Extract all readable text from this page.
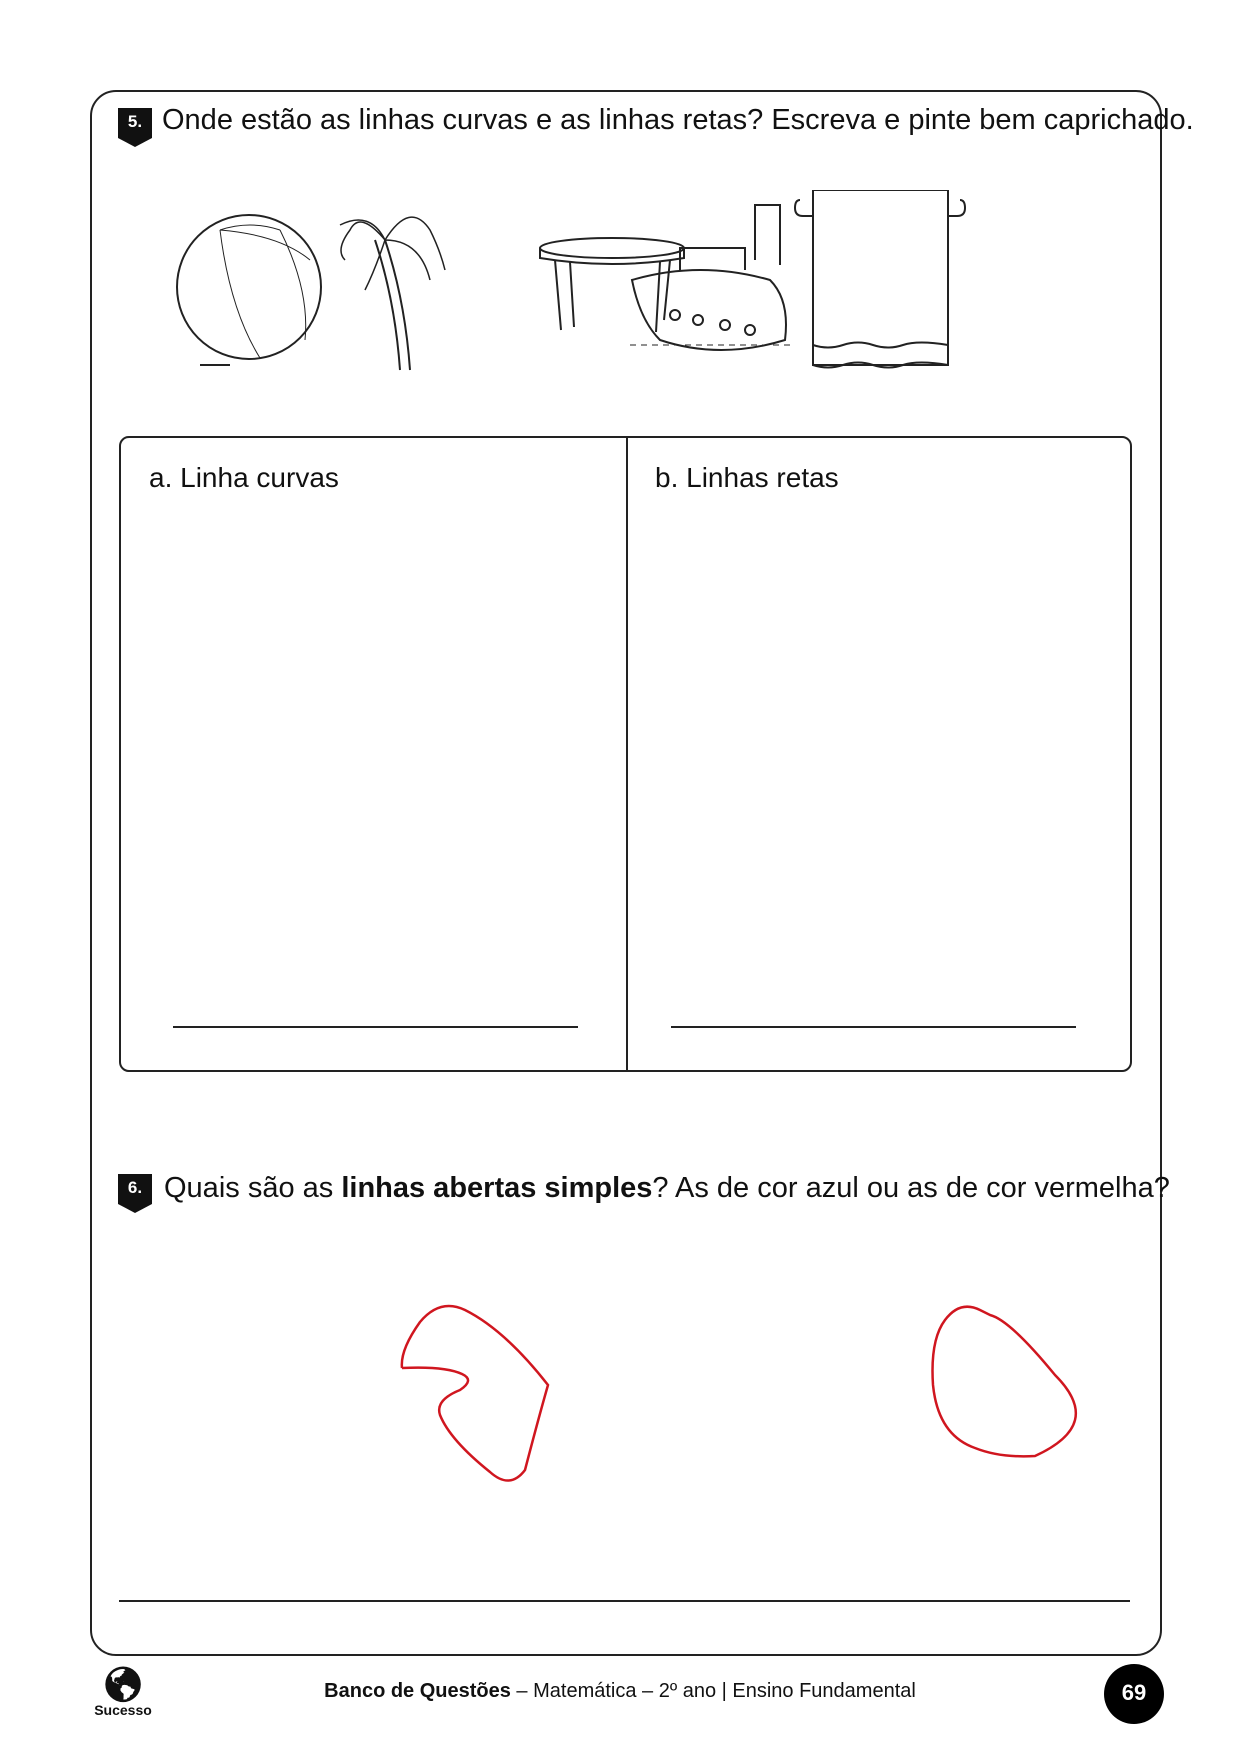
5. Onde estão as linhas curvas e as linhas retas? Escreva e pinte bem caprichado.
a. Linha curvas	b. Linhas retas
6. Quais são as linhas abertas simples? As de cor azul ou as de cor vermelha?
🌎︎
Sucesso
Banco de Questões – Matemática – 2º ano | Ensino Fundamental	69
